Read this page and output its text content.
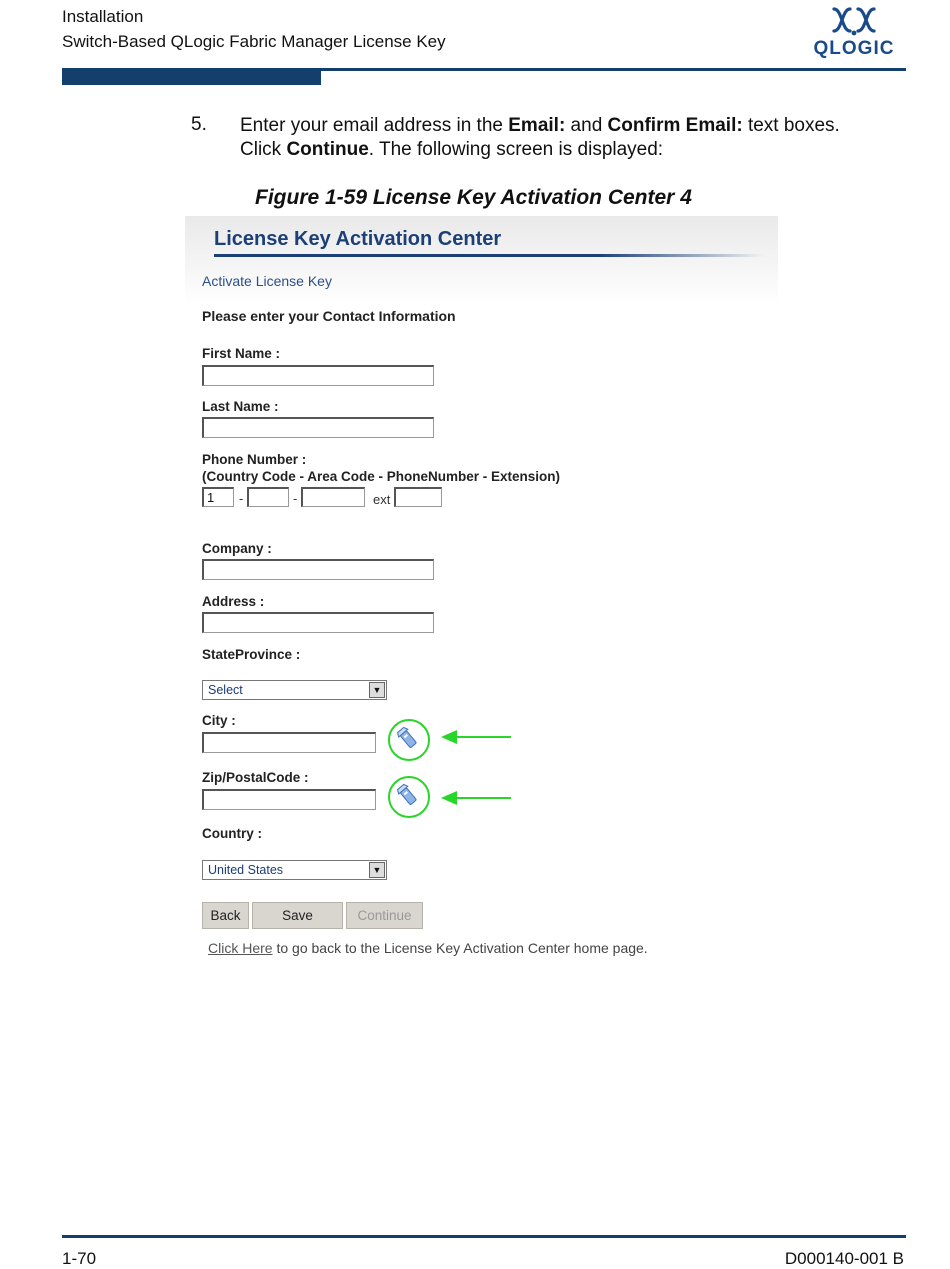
Installation
Switch-Based QLogic Fabric Manager License Key	QLOGIC
5. Enter your email address in the Email: and Confirm Email: text boxes.
Click Continue. The following screen is displayed:
Figure 1-59 License Key Activation Center 4
License Key Activation Center
Activate License Key
Please enter your Contact Information
First Name :
Last Name :
Phone Number :
(Country Code - Area Code - PhoneNumber - Extension)
1
-	-	ext
Company :
Address :
StateProvince :
Select	▼
City :
Zip/PostalCode :
Country :
United States	▼
Back	Save	Continue
Click Here to go back to the License Key Activation Center home page.
1-70	D000140-001 B
